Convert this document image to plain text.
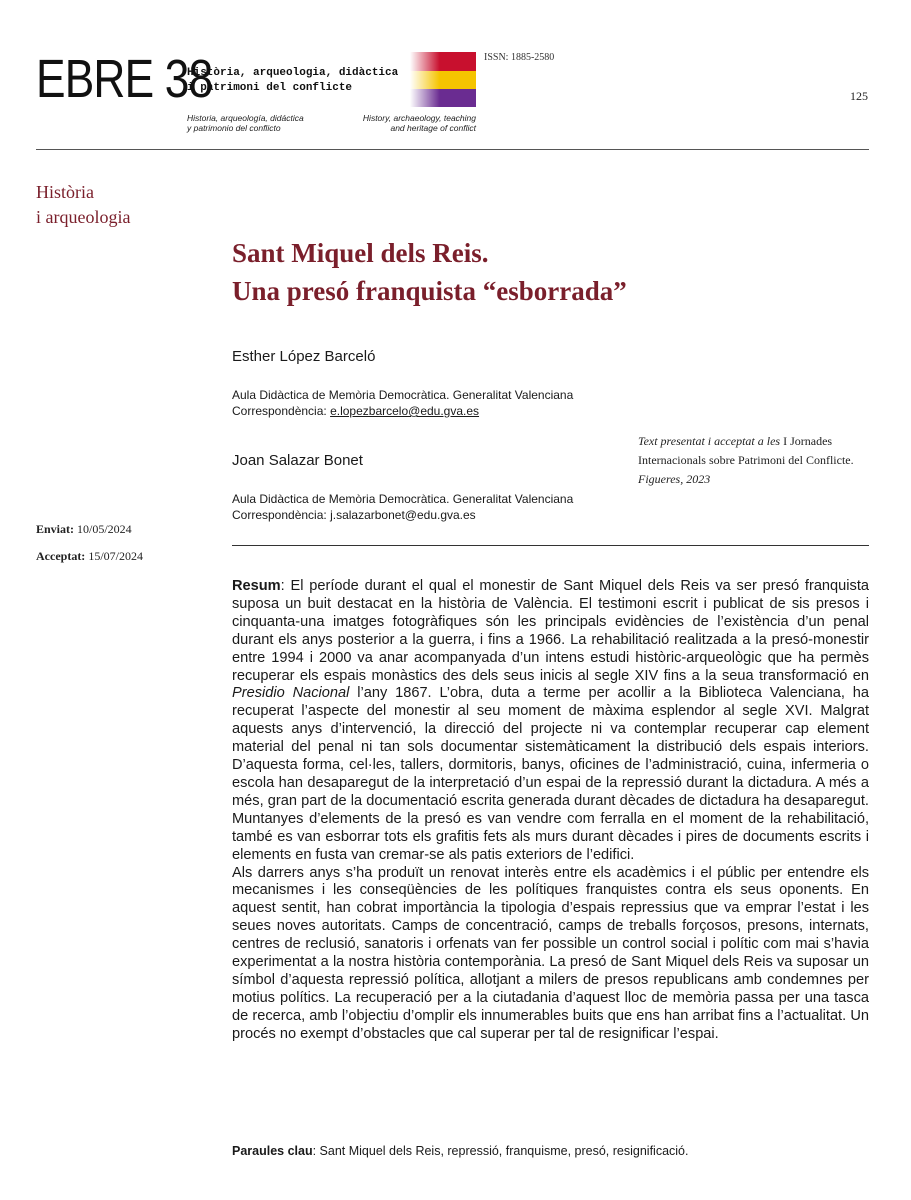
EBRE 38
Història, arqueologia, didàctica
i patrimoni del conflicte
Historia, arqueología, didáctica
y patrimonio del conflicto
History, archaeology, teaching
and heritage of conflict
ISSN: 1885-2580
125
Història
i arqueologia
Sant Miquel dels Reis.
Una presó franquista “esborrada”
Esther López Barceló
Aula Didàctica de Memòria Democràtica. Generalitat Valenciana
Correspondència: e.lopezbarcelo@edu.gva.es
Joan Salazar Bonet
Aula Didàctica de Memòria Democràtica. Generalitat Valenciana
Correspondència: j.salazarbonet@edu.gva.es
Text presentat i acceptat a les I Jornades Internacionals sobre Patrimoni del Conflicte. Figueres, 2023
Enviat: 10/05/2024
Acceptat: 15/07/2024

Resum: El període durant el qual el monestir de Sant Miquel dels Reis va ser presó franquista suposa un buit destacat en la història de València. El testimoni escrit i publicat de sis presos i cinquanta-una imatges fotogràfiques són les principals evidències de l’existència d’un penal durant els anys posterior a la guerra, i fins a 1966. La rehabilitació realitzada a la presó-monestir entre 1994 i 2000 va anar acompanyada d’un intens estudi històric-arqueològic que ha permès recuperar els espais monàstics des dels seus inicis al segle XIV fins a la seua transformació en Presidio Nacional l’any 1867. L’obra, duta a terme per acollir a la Biblioteca Valenciana, ha recuperat l’aspecte del monestir al seu moment de màxima esplendor al segle XVI. Malgrat aquests anys d’intervenció, la direcció del projecte ni va contemplar recuperar cap element material del penal ni tan sols documentar sistemàticament la distribució dels espais interiors. D’aquesta forma, cel·les, tallers, dormitoris, banys, oficines de l’administració, cuina, infermeria o escola han desaparegut de la interpretació d’un espai de la repressió durant la dictadura. A més a més, gran part de la documentació escrita generada durant dècades de dictadura ha desaparegut. Muntanyes d’elements de la presó es van vendre com ferralla en el moment de la rehabilitació, també es van esborrar tots els grafitis fets als murs durant dècades i pires de documents escrits i elements en fusta van cremar-se als patis exteriors de l’edifici.

Als darrers anys s’ha produït un renovat interès entre els acadèmics i el públic per entendre els mecanismes i les conseqüències de les polítiques franquistes contra els seus oponents. En aquest sentit, han cobrat importància la tipologia d’espais repressius que va emprar l’estat i les seues noves autoritats. Camps de concentració, camps de treballs forçosos, presons, internats, centres de reclusió, sanatoris i orfenats van fer possible un control social i polític com mai s’havia experimentat a la nostra història contemporània. La presó de Sant Miquel dels Reis va suposar un símbol d’aquesta repressió política, allotjant a milers de presos republicans amb condemnes per motius polítics. La recuperació per a la ciutadania d’aquest lloc de memòria passa per una tasca de recerca, amb l’objectiu d’omplir els innumerables buits que ens han arribat fins a l’actualitat. Un procés no exempt d’obstacles que cal superar per tal de resignificar l’espai.

Paraules clau: Sant Miquel dels Reis, repressió, franquisme, presó, resignificació.
